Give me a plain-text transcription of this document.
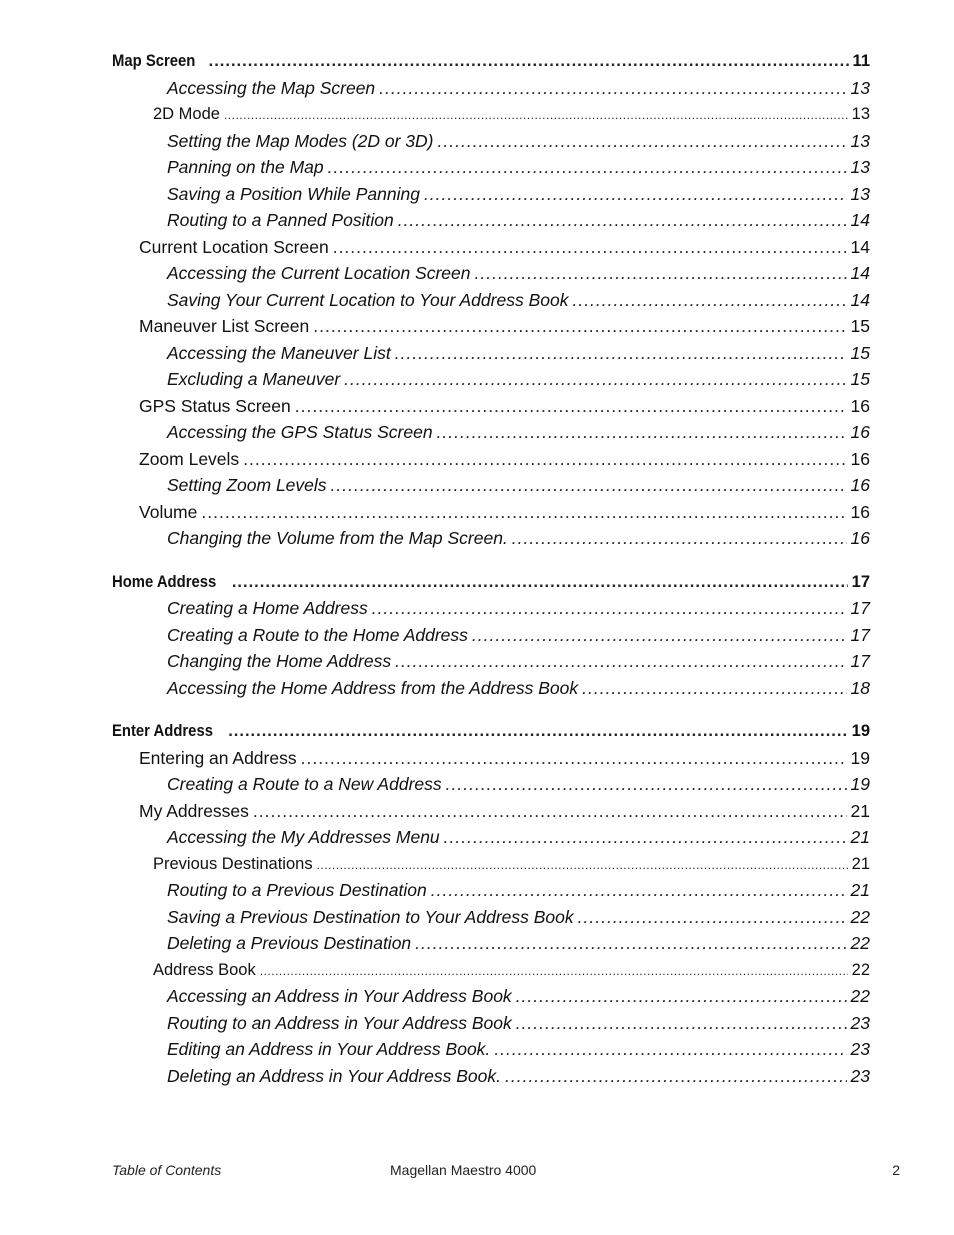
Map Screen .....	11
Accessing the Map Screen .....	13
2D Mode .....	13
Setting the Map Modes (2D or 3D) .....	13
Panning on the Map .....	13
Saving a Position While Panning .....	13
Routing to a Panned Position .....	14
Current Location Screen .....	14
Accessing the Current Location Screen .....	14
Saving Your Current Location to Your Address Book .....	14
Maneuver List Screen .....	15
Accessing the Maneuver List .....	15
Excluding a Maneuver .....	15
GPS Status Screen .....	16
Accessing the GPS Status Screen .....	16
Zoom Levels .....	16
Setting Zoom Levels .....	16
Volume .....	16
Changing the Volume from the Map Screen. .....	16
Home Address .....	17
Creating a Home Address .....	17
Creating a Route to the Home Address .....	17
Changing the Home Address .....	17
Accessing the Home Address from the Address Book .....	18
Enter Address .....	19
Entering an Address .....	19
Creating a Route to a New Address .....	19
My Addresses .....	21
Accessing the My Addresses Menu .....	21
Previous Destinations .....	21
Routing to a Previous Destination .....	21
Saving a Previous Destination to Your Address Book .....	22
Deleting a Previous Destination .....	22
Address Book .....	22
Accessing an Address in Your Address Book .....	22
Routing to an Address in Your Address Book .....	23
Editing an Address in Your Address Book. .....	23
Deleting an Address in Your Address Book. .....	23
Table of Contents	Magellan Maestro 4000	2
